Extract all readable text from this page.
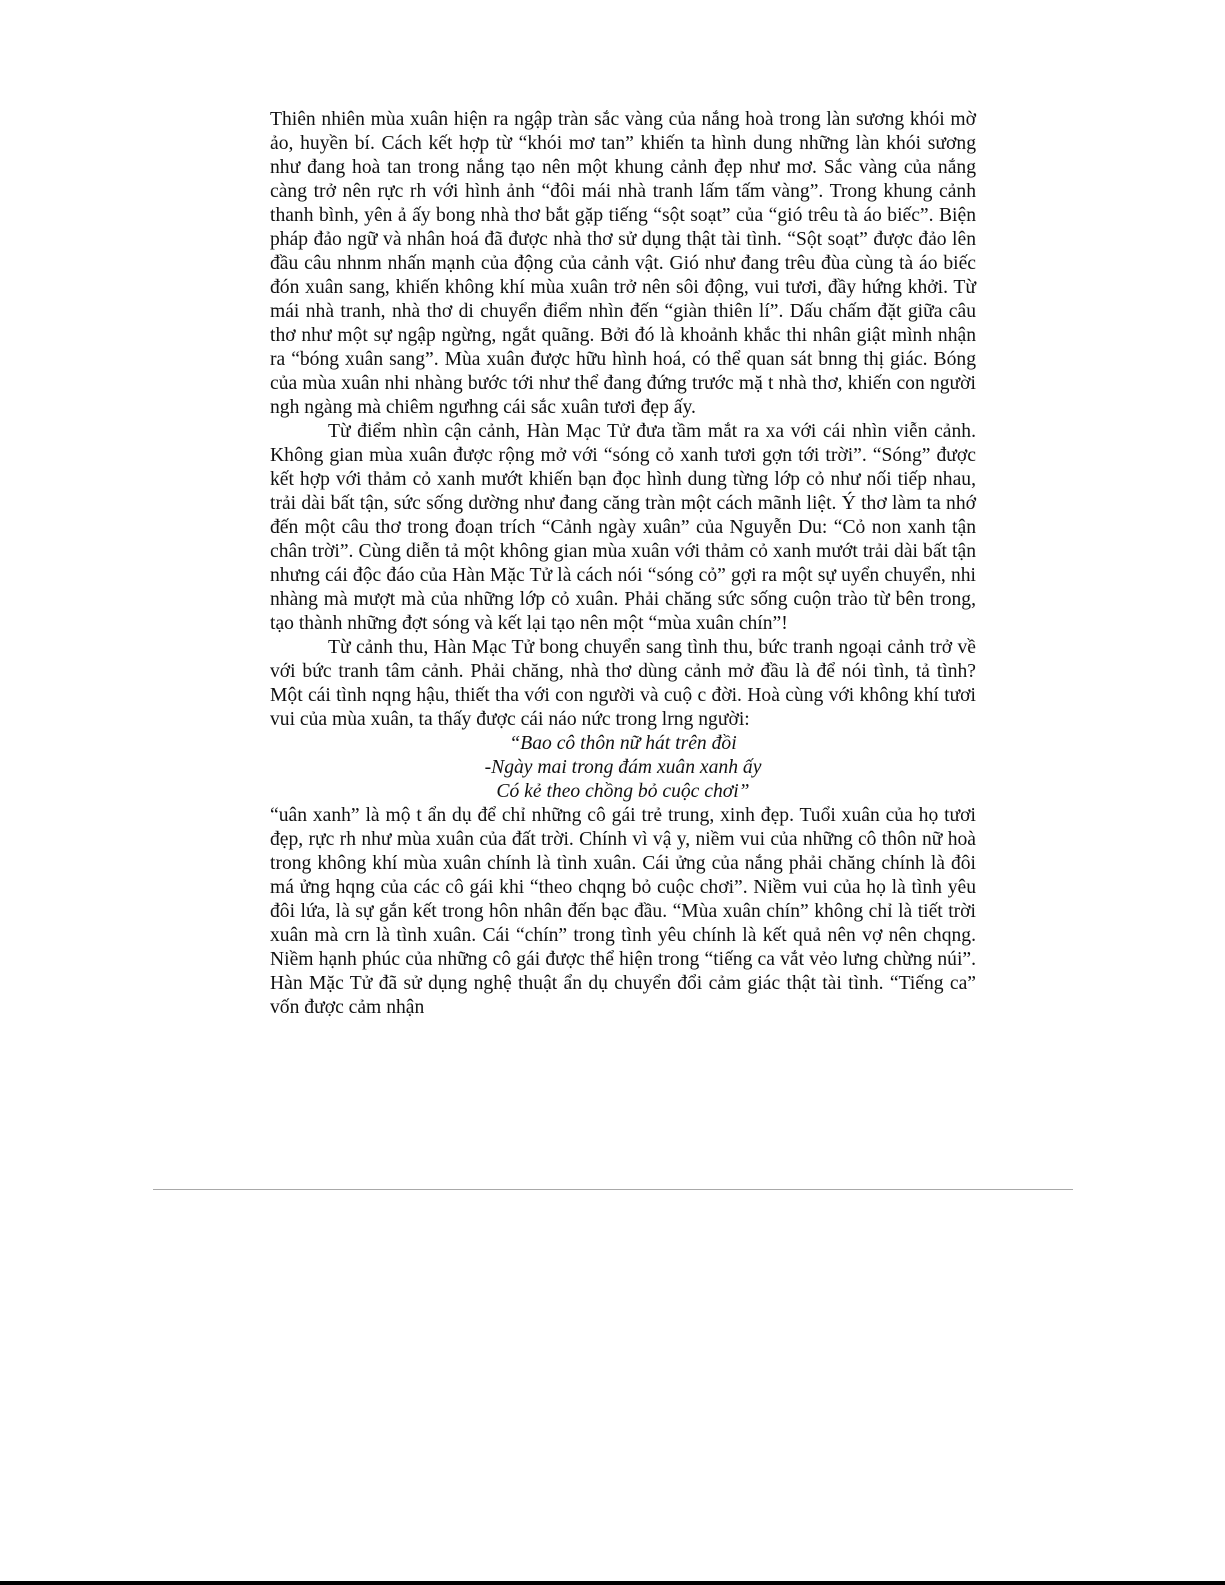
Thiên nhiên mùa xuân hiện ra ngập tràn sắc vàng của nắng hoà trong làn sương khói mờ ảo, huyền bí. Cách kết hợp từ “khói mơ tan” khiến ta hình dung những làn khói sương như đang hoà tan trong nắng tạo nên một khung cảnh đẹp như mơ. Sắc vàng của nắng càng trở nên rực rh với hình ảnh “đôi mái nhà tranh lấm tấm vàng”. Trong khung cảnh thanh bình, yên ả ấy bong nhà thơ bắt gặp tiếng “sột soạt” của “gió trêu tà áo biếc”. Biện pháp đảo ngữ và nhân hoá đã được nhà thơ sử dụng thật tài tình. “Sột soạt” được đảo lên đầu câu nhnm nhấn mạnh của động của cảnh vật. Gió như đang trêu đùa cùng tà áo biếc đón xuân sang, khiến không khí mùa xuân trở nên sôi động, vui tươi, đầy hứng khởi. Từ mái nhà tranh, nhà thơ di chuyển điểm nhìn đến “giàn thiên lí”. Dấu chấm đặt giữa câu thơ như một sự ngập ngừng, ngắt quãng. Bởi đó là khoảnh khắc thi nhân giật mình nhận ra “bóng xuân sang”. Mùa xuân được hữu hình hoá, có thể quan sát bnng thị giác. Bóng của mùa xuân nhi nhàng bước tới như thể đang đứng trước mặ t nhà thơ, khiến con người ngh ngàng mà chiêm ngưhng cái sắc xuân tươi đẹp ấy.

Từ điểm nhìn cận cảnh, Hàn Mạc Tử đưa tầm mắt ra xa với cái nhìn viễn cảnh. Không gian mùa xuân được rộng mở với “sóng cỏ xanh tươi gợn tới trời”. “Sóng” được kết hợp với thảm cỏ xanh mướt khiến bạn đọc hình dung từng lớp cỏ như nối tiếp nhau, trải dài bất tận, sức sống dường như đang căng tràn một cách mãnh liệt. Ý thơ làm ta nhớ đến một câu thơ trong đoạn trích “Cảnh ngày xuân” của Nguyễn Du: “Cỏ non xanh tận chân trời”. Cùng diễn tả một không gian mùa xuân với thảm cỏ xanh mướt trải dài bất tận nhưng cái độc đáo của Hàn Mặc Tử là cách nói “sóng cỏ” gợi ra một sự uyển chuyển, nhi nhàng mà mượt mà của những lớp cỏ xuân. Phải chăng sức sống cuộn trào từ bên trong, tạo thành những đợt sóng và kết lại tạo nên một “mùa xuân chín”!

Từ cảnh thu, Hàn Mạc Tử bong chuyển sang tình thu, bức tranh ngoại cảnh trở về với bức tranh tâm cảnh. Phải chăng, nhà thơ dùng cảnh mở đầu là để nói tình, tả tình? Một cái tình nqng hậu, thiết tha với con người và cuộ c đời. Hoà cùng với không khí tươi vui của mùa xuân, ta thấy được cái náo nức trong lrng người:

“Bao cô thôn nữ hát trên đồi

-Ngày mai trong đám xuân xanh ấy

Có kẻ theo chồng bỏ cuộc chơi”

“uân xanh” là mộ t ẩn dụ để chỉ những cô gái trẻ trung, xinh đẹp. Tuổi xuân của họ tươi đẹp, rực rh như mùa xuân của đất trời. Chính vì vậ y, niềm vui của những cô thôn nữ hoà trong không khí mùa xuân chính là tình xuân. Cái ửng của nắng phải chăng chính là đôi má ửng hqng của các cô gái khi “theo chqng bỏ cuộc chơi”. Niềm vui của họ là tình yêu đôi lứa, là sự gắn kết trong hôn nhân đến bạc đầu. “Mùa xuân chín” không chỉ là tiết trời xuân mà crn là tình xuân. Cái “chín” trong tình yêu chính là kết quả nên vợ nên chqng. Niềm hạnh phúc của những cô gái được thể hiện trong “tiếng ca vắt vẻo lưng chừng núi”. Hàn Mặc Tử đã sử dụng nghệ thuật ẩn dụ chuyển đổi cảm giác thật tài tình. “Tiếng ca” vốn được cảm nhận
